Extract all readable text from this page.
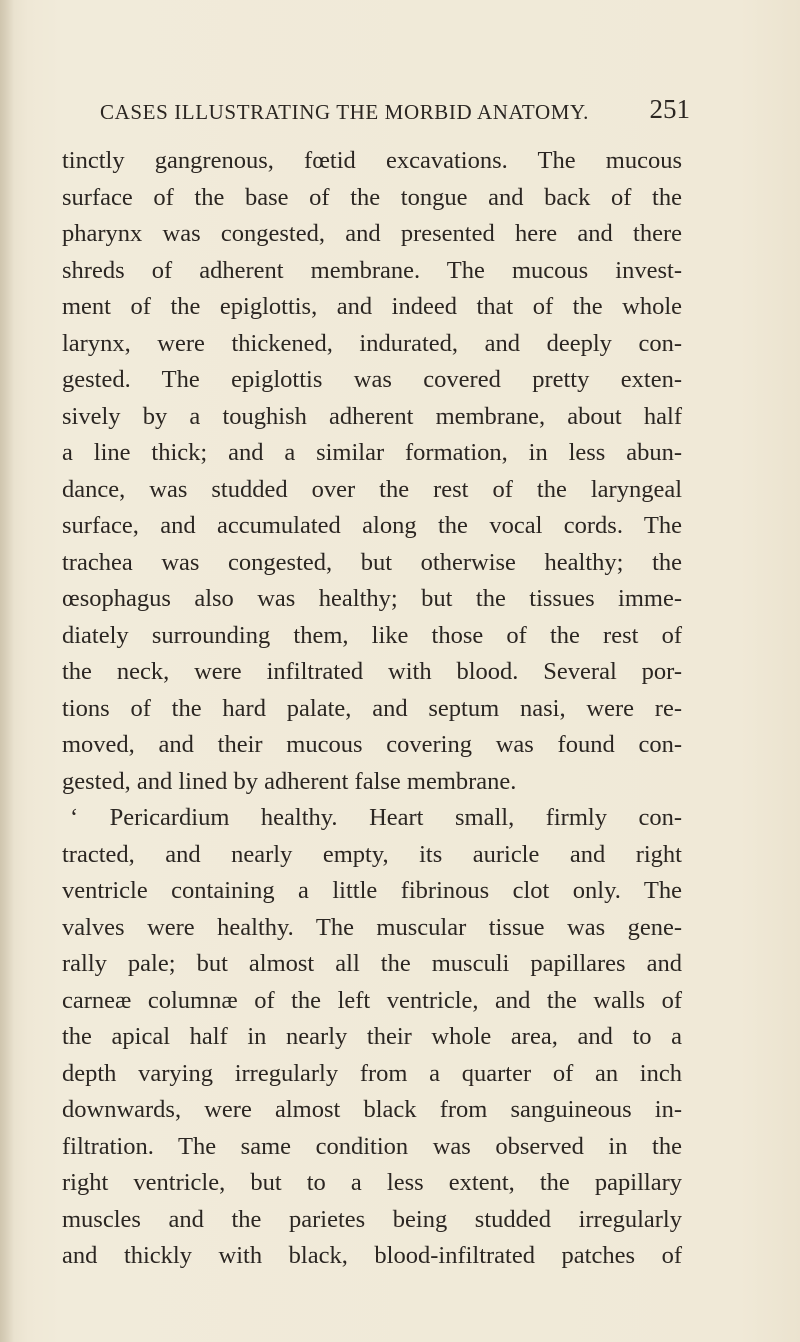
CASES ILLUSTRATING THE MORBID ANATOMY. 251
tinctly gangrenous, fœtid excavations. The mucous
surface of the base of the tongue and back of the
pharynx was congested, and presented here and there
shreds of adherent membrane. The mucous invest-
ment of the epiglottis, and indeed that of the whole
larynx, were thickened, indurated, and deeply con-
gested. The epiglottis was covered pretty exten-
sively by a toughish adherent membrane, about half
a line thick; and a similar formation, in less abun-
dance, was studded over the rest of the laryngeal
surface, and accumulated along the vocal cords. The
trachea was congested, but otherwise healthy; the
œsophagus also was healthy; but the tissues imme-
diately surrounding them, like those of the rest of
the neck, were infiltrated with blood. Several por-
tions of the hard palate, and septum nasi, were re-
moved, and their mucous covering was found con-
gested, and lined by adherent false membrane.
‘ Pericardium healthy. Heart small, firmly con-
tracted, and nearly empty, its auricle and right
ventricle containing a little fibrinous clot only. The
valves were healthy. The muscular tissue was gene-
rally pale; but almost all the musculi papillares and
carneæ columnæ of the left ventricle, and the walls of
the apical half in nearly their whole area, and to a
depth varying irregularly from a quarter of an inch
downwards, were almost black from sanguineous in-
filtration. The same condition was observed in the
right ventricle, but to a less extent, the papillary
muscles and the parietes being studded irregularly
and thickly with black, blood-infiltrated patches of
